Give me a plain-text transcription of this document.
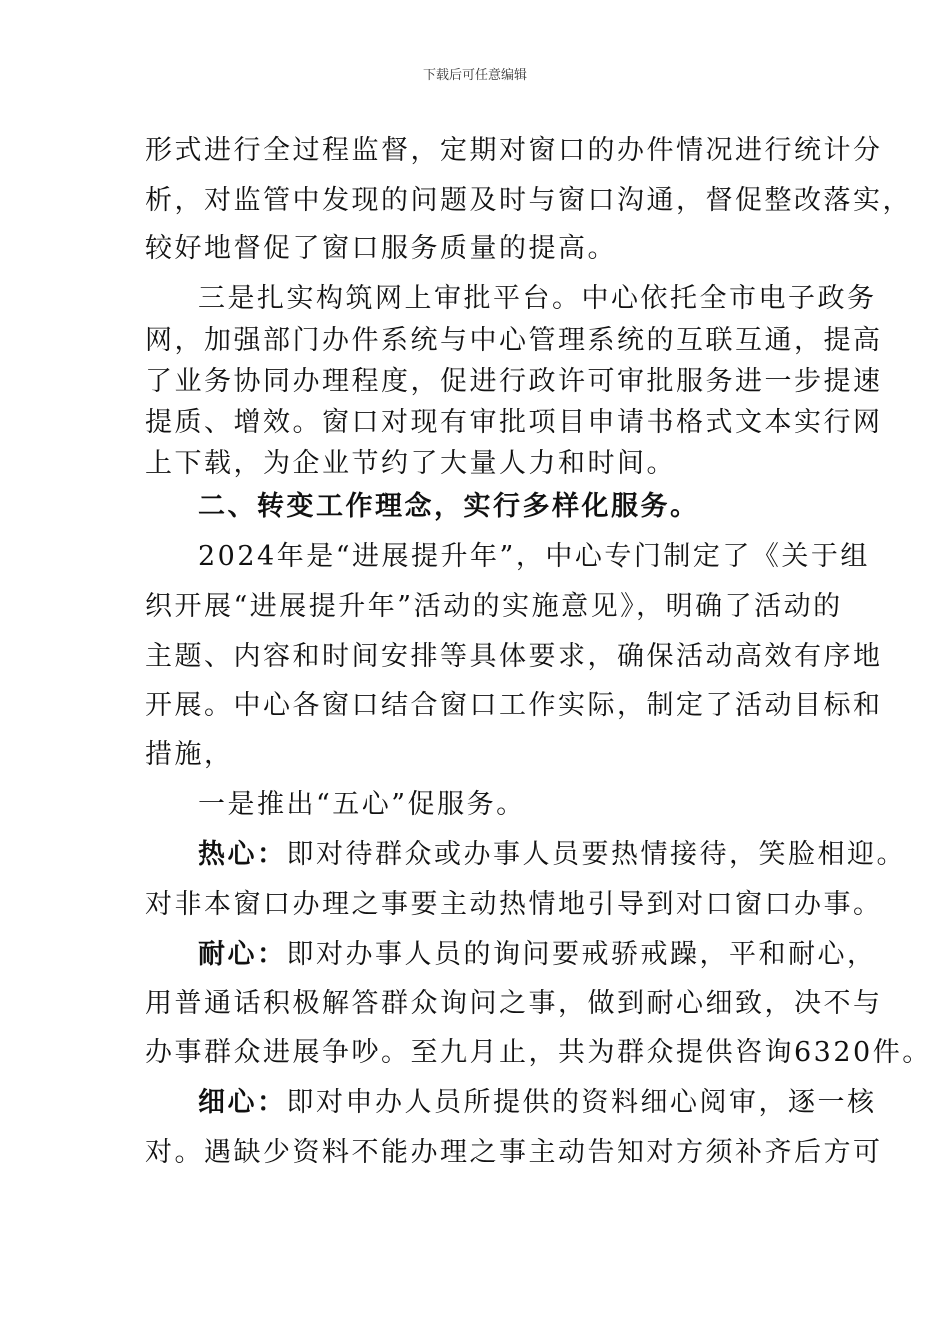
下载后可任意编辑
形式进行全过程监督，定期对窗口的办件情况进行统计分
析，对监管中发现的问题及时与窗口沟通，督促整改落实，
较好地督促了窗口服务质量的提高。
三是扎实构筑网上审批平台。中心依托全市电子政务
网，加强部门办件系统与中心管理系统的互联互通，提高
了业务协同办理程度，促进行政许可审批服务进一步提速
提质、增效。窗口对现有审批项目申请书格式文本实行网
上下载，为企业节约了大量人力和时间。
二、转变工作理念，实行多样化服务。
2024年是“进展提升年”，中心专门制定了《关于组
织开展“进展提升年”活动的实施意见》，明确了活动的
主题、内容和时间安排等具体要求，确保活动高效有序地
开展。中心各窗口结合窗口工作实际，制定了活动目标和
措施，
一是推出“五心”促服务。
热心：即对待群众或办事人员要热情接待，笑脸相迎。
对非本窗口办理之事要主动热情地引导到对口窗口办事。
耐心：即对办事人员的询问要戒骄戒躁，平和耐心，
用普通话积极解答群众询问之事，做到耐心细致，决不与
办事群众进展争吵。至九月止，共为群众提供咨询6320件。
细心：即对申办人员所提供的资料细心阅审，逐一核
对。遇缺少资料不能办理之事主动告知对方须补齐后方可
